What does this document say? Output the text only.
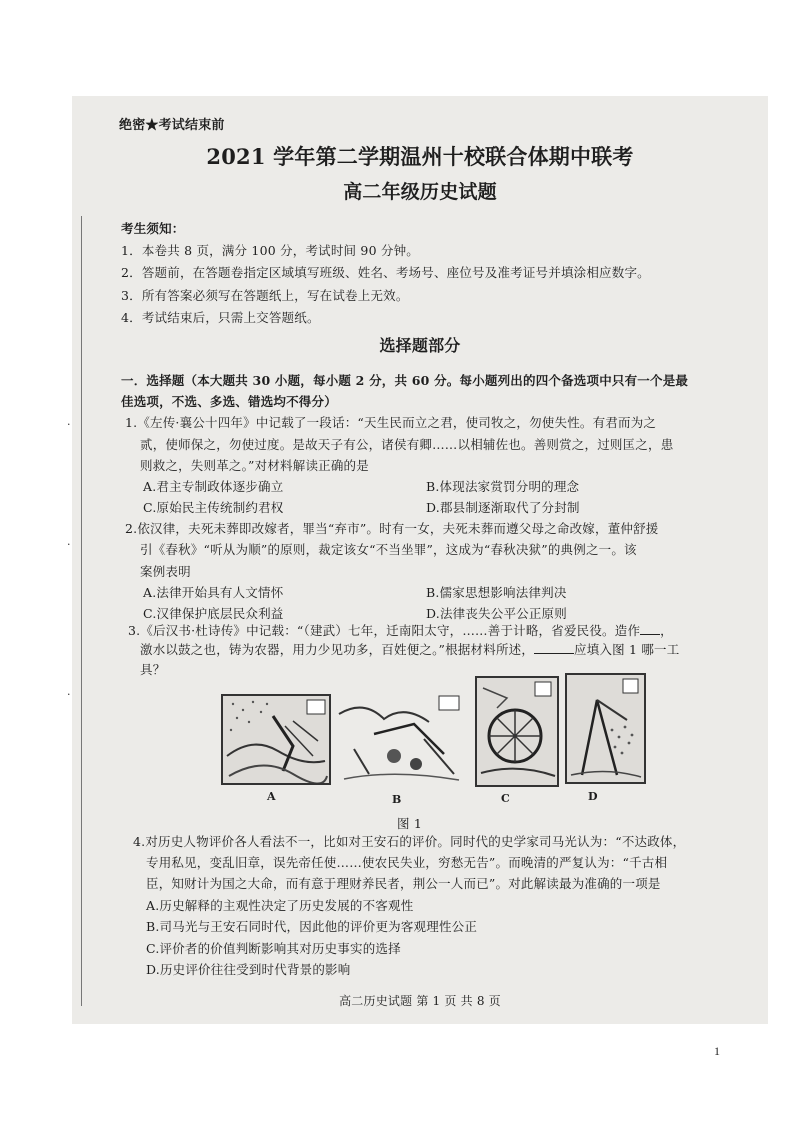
·
·
·
绝密★考试结束前
2021 学年第二学期温州十校联合体期中联考
高二年级历史试题
考生须知：
1．本卷共 8 页，满分 100 分，考试时间 90 分钟。
2．答题前，在答题卷指定区域填写班级、姓名、考场号、座位号及准考证号并填涂相应数字。
3．所有答案必须写在答题纸上，写在试卷上无效。
4．考试结束后，只需上交答题纸。
选择题部分
一．选择题（本大题共 30 小题，每小题 2 分，共 60 分。每小题列出的四个备选项中只有一个是最
佳选项，不选、多选、错选均不得分）
1.《左传·襄公十四年》中记载了一段话：“天生民而立之君，使司牧之，勿使失性。有君而为之
贰，使师保之，勿使过度。是故天子有公，诸侯有卿……以相辅佐也。善则赏之，过则匡之，患
则救之，失则革之。”对材料解读正确的是
A.君主专制政体逐步确立	B.体现法家赏罚分明的理念
C.原始民主传统制约君权	D.郡县制逐渐取代了分封制
2.依汉律，夫死未葬即改嫁者，罪当“弃市”。时有一女，夫死未葬而遵父母之命改嫁，董仲舒援
引《春秋》“听从为顺”的原则，裁定该女“不当坐罪”，这成为“春秋决狱”的典例之一。该
案例表明
A.法律开始具有人文情怀	B.儒家思想影响法律判决
C.汉律保护底层民众利益	D.法律丧失公平公正原则
3.《后汉书·杜诗传》中记载：“（建武）七年，迁南阳太守，……善于计略，省爱民役。造作 ，
激水以鼓之也，铸为农器，用力少见功多，百姓便之。”根据材料所述，	应填入图 1 哪一工
具？
A	B	C	D
图 1
4.对历史人物评价各人看法不一，比如对王安石的评价。同时代的史学家司马光认为：“不达政体，
专用私见，变乱旧章，误先帝任使……使农民失业，穷愁无告”。而晚清的严复认为：“千古相
臣，知财计为国之大命，而有意于理财养民者，荆公一人而已”。对此解读最为准确的一项是
A.历史解释的主观性决定了历史发展的不客观性
B.司马光与王安石同时代，因此他的评价更为客观理性公正
C.评价者的价值判断影响其对历史事实的选择
D.历史评价往往受到时代背景的影响
高二历史试题 第 1 页 共 8 页
1
